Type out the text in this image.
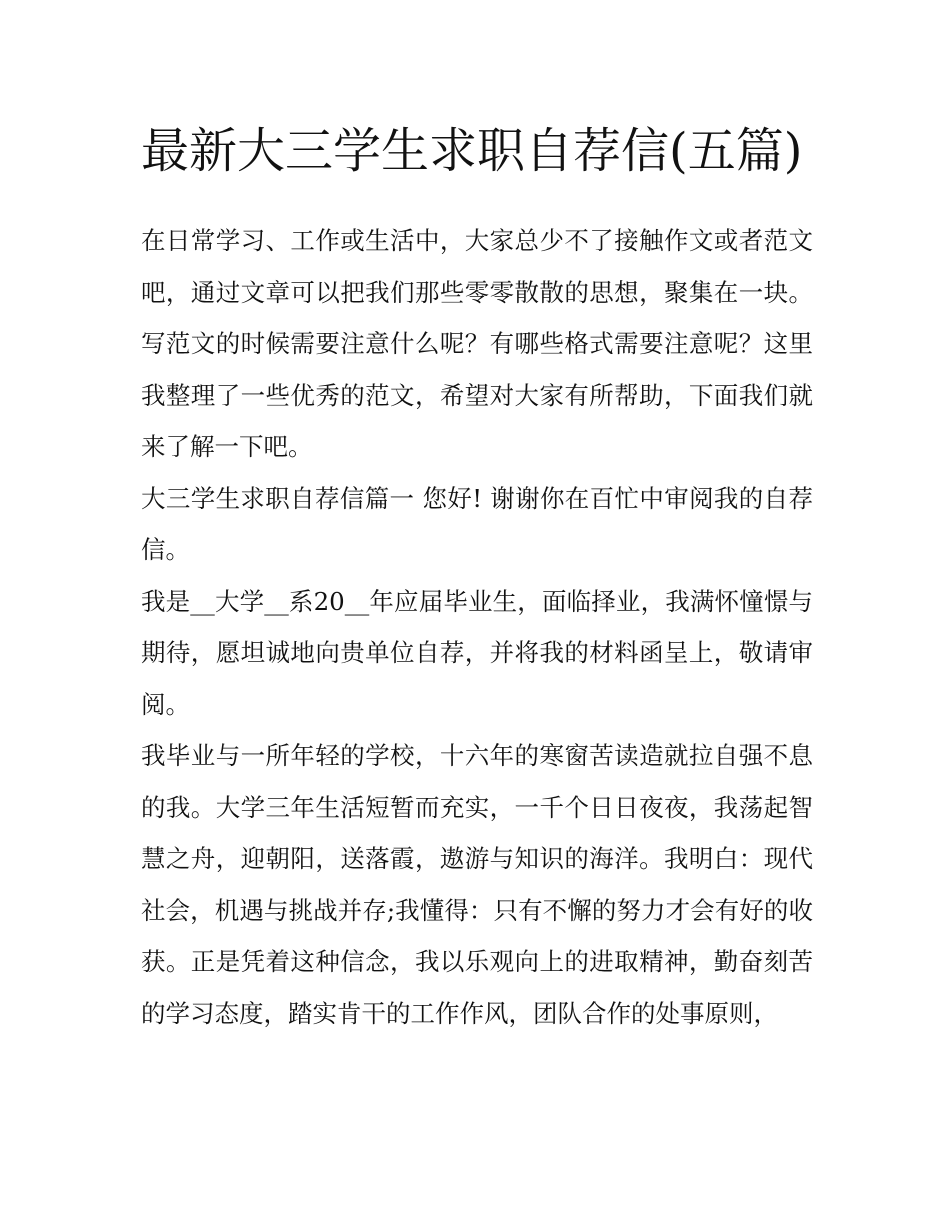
最新大三学生求职自荐信(五篇)

在日常学习、工作或生活中，大家总少不了接触作文或者范文吧，通过文章可以把我们那些零零散散的思想，聚集在一块。写范文的时候需要注意什么呢？有哪些格式需要注意呢？这里我整理了一些优秀的范文，希望对大家有所帮助，下面我们就来了解一下吧。

大三学生求职自荐信篇一 您好! 谢谢你在百忙中审阅我的自荐信。

我是__大学__系20__年应届毕业生，面临择业，我满怀憧憬与期待，愿坦诚地向贵单位自荐，并将我的材料函呈上，敬请审阅。

我毕业与一所年轻的学校，十六年的寒窗苦读造就拉自强不息的我。大学三年生活短暂而充实，一千个日日夜夜，我荡起智慧之舟，迎朝阳，送落霞，遨游与知识的海洋。我明白：现代社会，机遇与挑战并存;我懂得：只有不懈的努力才会有好的收获。正是凭着这种信念，我以乐观向上的进取精神，勤奋刻苦的学习态度，踏实肯干的工作作风，团队合作的处事原则，
